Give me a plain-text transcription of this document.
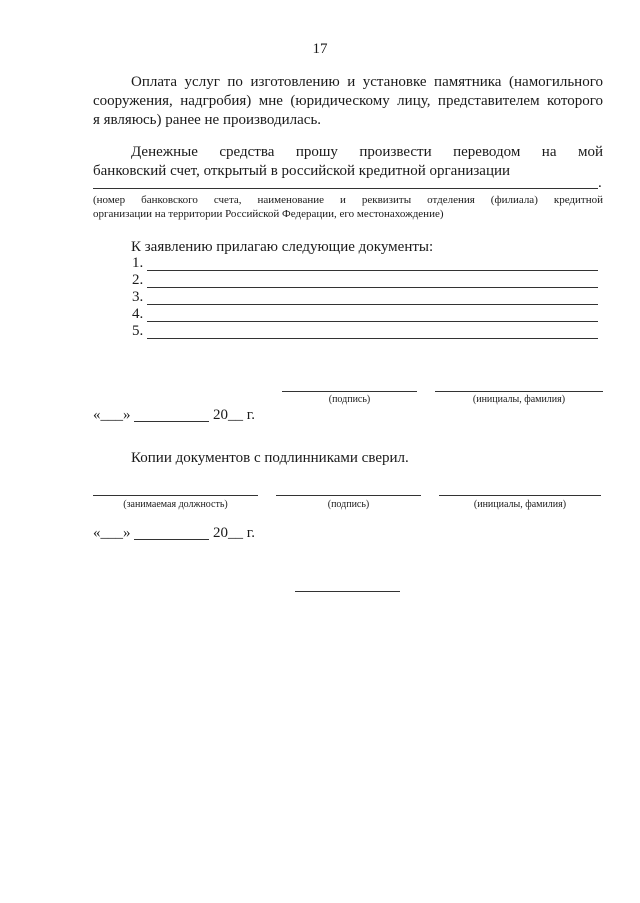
17
Оплата услуг по изготовлению и установке памятника (намогильного
сооружения, надгробия) мне (юридическому лицу, представителем которого
я являюсь) ранее не производилась.
Денежные средства прошу произвести переводом на мой
банковский счет, открытый в российской кредитной организации
.
(номер банковского счета, наименование и реквизиты отделения (филиала) кредитной
организации на территории Российской Федерации, его местонахождение)
К заявлению прилагаю следующие документы:
1.
2.
3.
4.
5.
(подпись)	(инициалы, фамилия)
«___»	20__ г.
Копии документов с подлинниками сверил.
(занимаемая должность)	(подпись)	(инициалы, фамилия)
«___»	20__ г.
